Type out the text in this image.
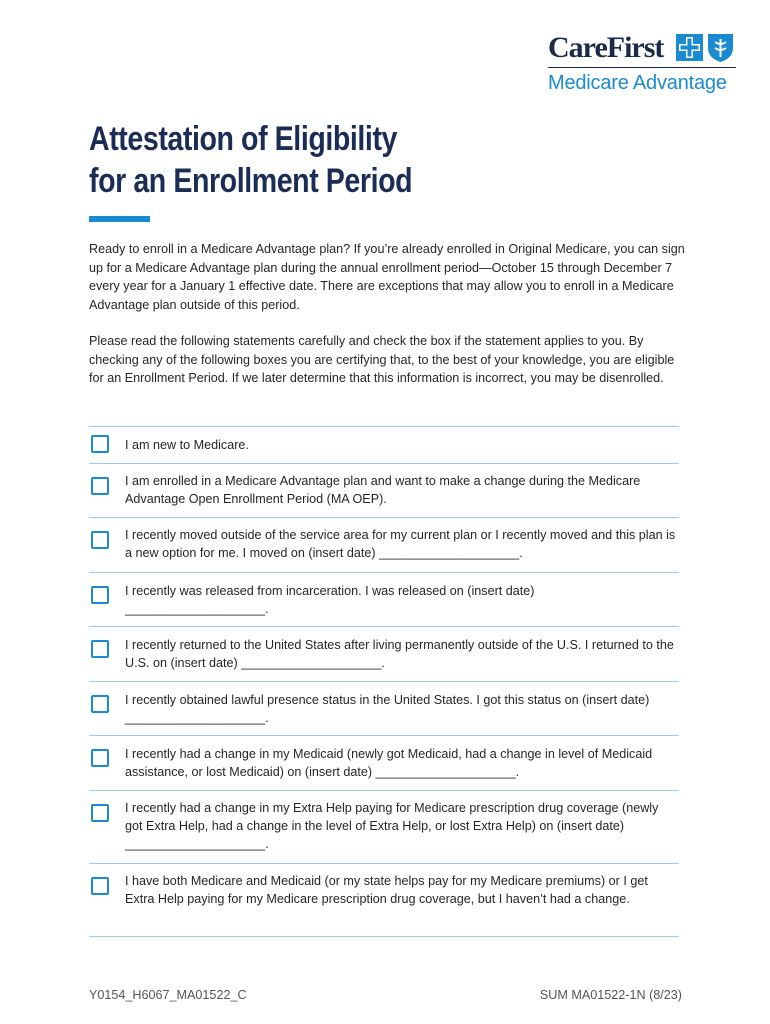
CareFirst
Medicare Advantage
Attestation of Eligibility
for an Enrollment Period

Ready to enroll in a Medicare Advantage plan? If you’re already enrolled in Original Medicare, you can sign up for a Medicare Advantage plan during the annual enrollment period—October 15 through December 7 every year for a January 1 effective date. There are exceptions that may allow you to enroll in a Medicare Advantage plan outside of this period.

Please read the following statements carefully and check the box if the statement applies to you. By checking any of the following boxes you are certifying that, to the best of your knowledge, you are eligible for an Enrollment Period. If we later determine that this information is incorrect, you may be disenrolled.

I am new to Medicare.
I am enrolled in a Medicare Advantage plan and want to make a change during the Medicare Advantage Open Enrollment Period (MA OEP).
I recently moved outside of the service area for my current plan or I recently moved and this plan is a new option for me. I moved on (insert date) ____________________.
I recently was released from incarceration. I was released on (insert date) ____________________.
I recently returned to the United States after living permanently outside of the U.S. I returned to the U.S. on (insert date) ____________________.
I recently obtained lawful presence status in the United States. I got this status on (insert date) ____________________.
I recently had a change in my Medicaid (newly got Medicaid, had a change in level of Medicaid assistance, or lost Medicaid) on (insert date) ____________________.
I recently had a change in my Extra Help paying for Medicare prescription drug coverage (newly got Extra Help, had a change in the level of Extra Help, or lost Extra Help) on (insert date) ____________________.
I have both Medicare and Medicaid (or my state helps pay for my Medicare premiums) or I get Extra Help paying for my Medicare prescription drug coverage, but I haven’t had a change.
Y0154_H6067_MA01522_C	SUM MA01522-1N (8/23)
